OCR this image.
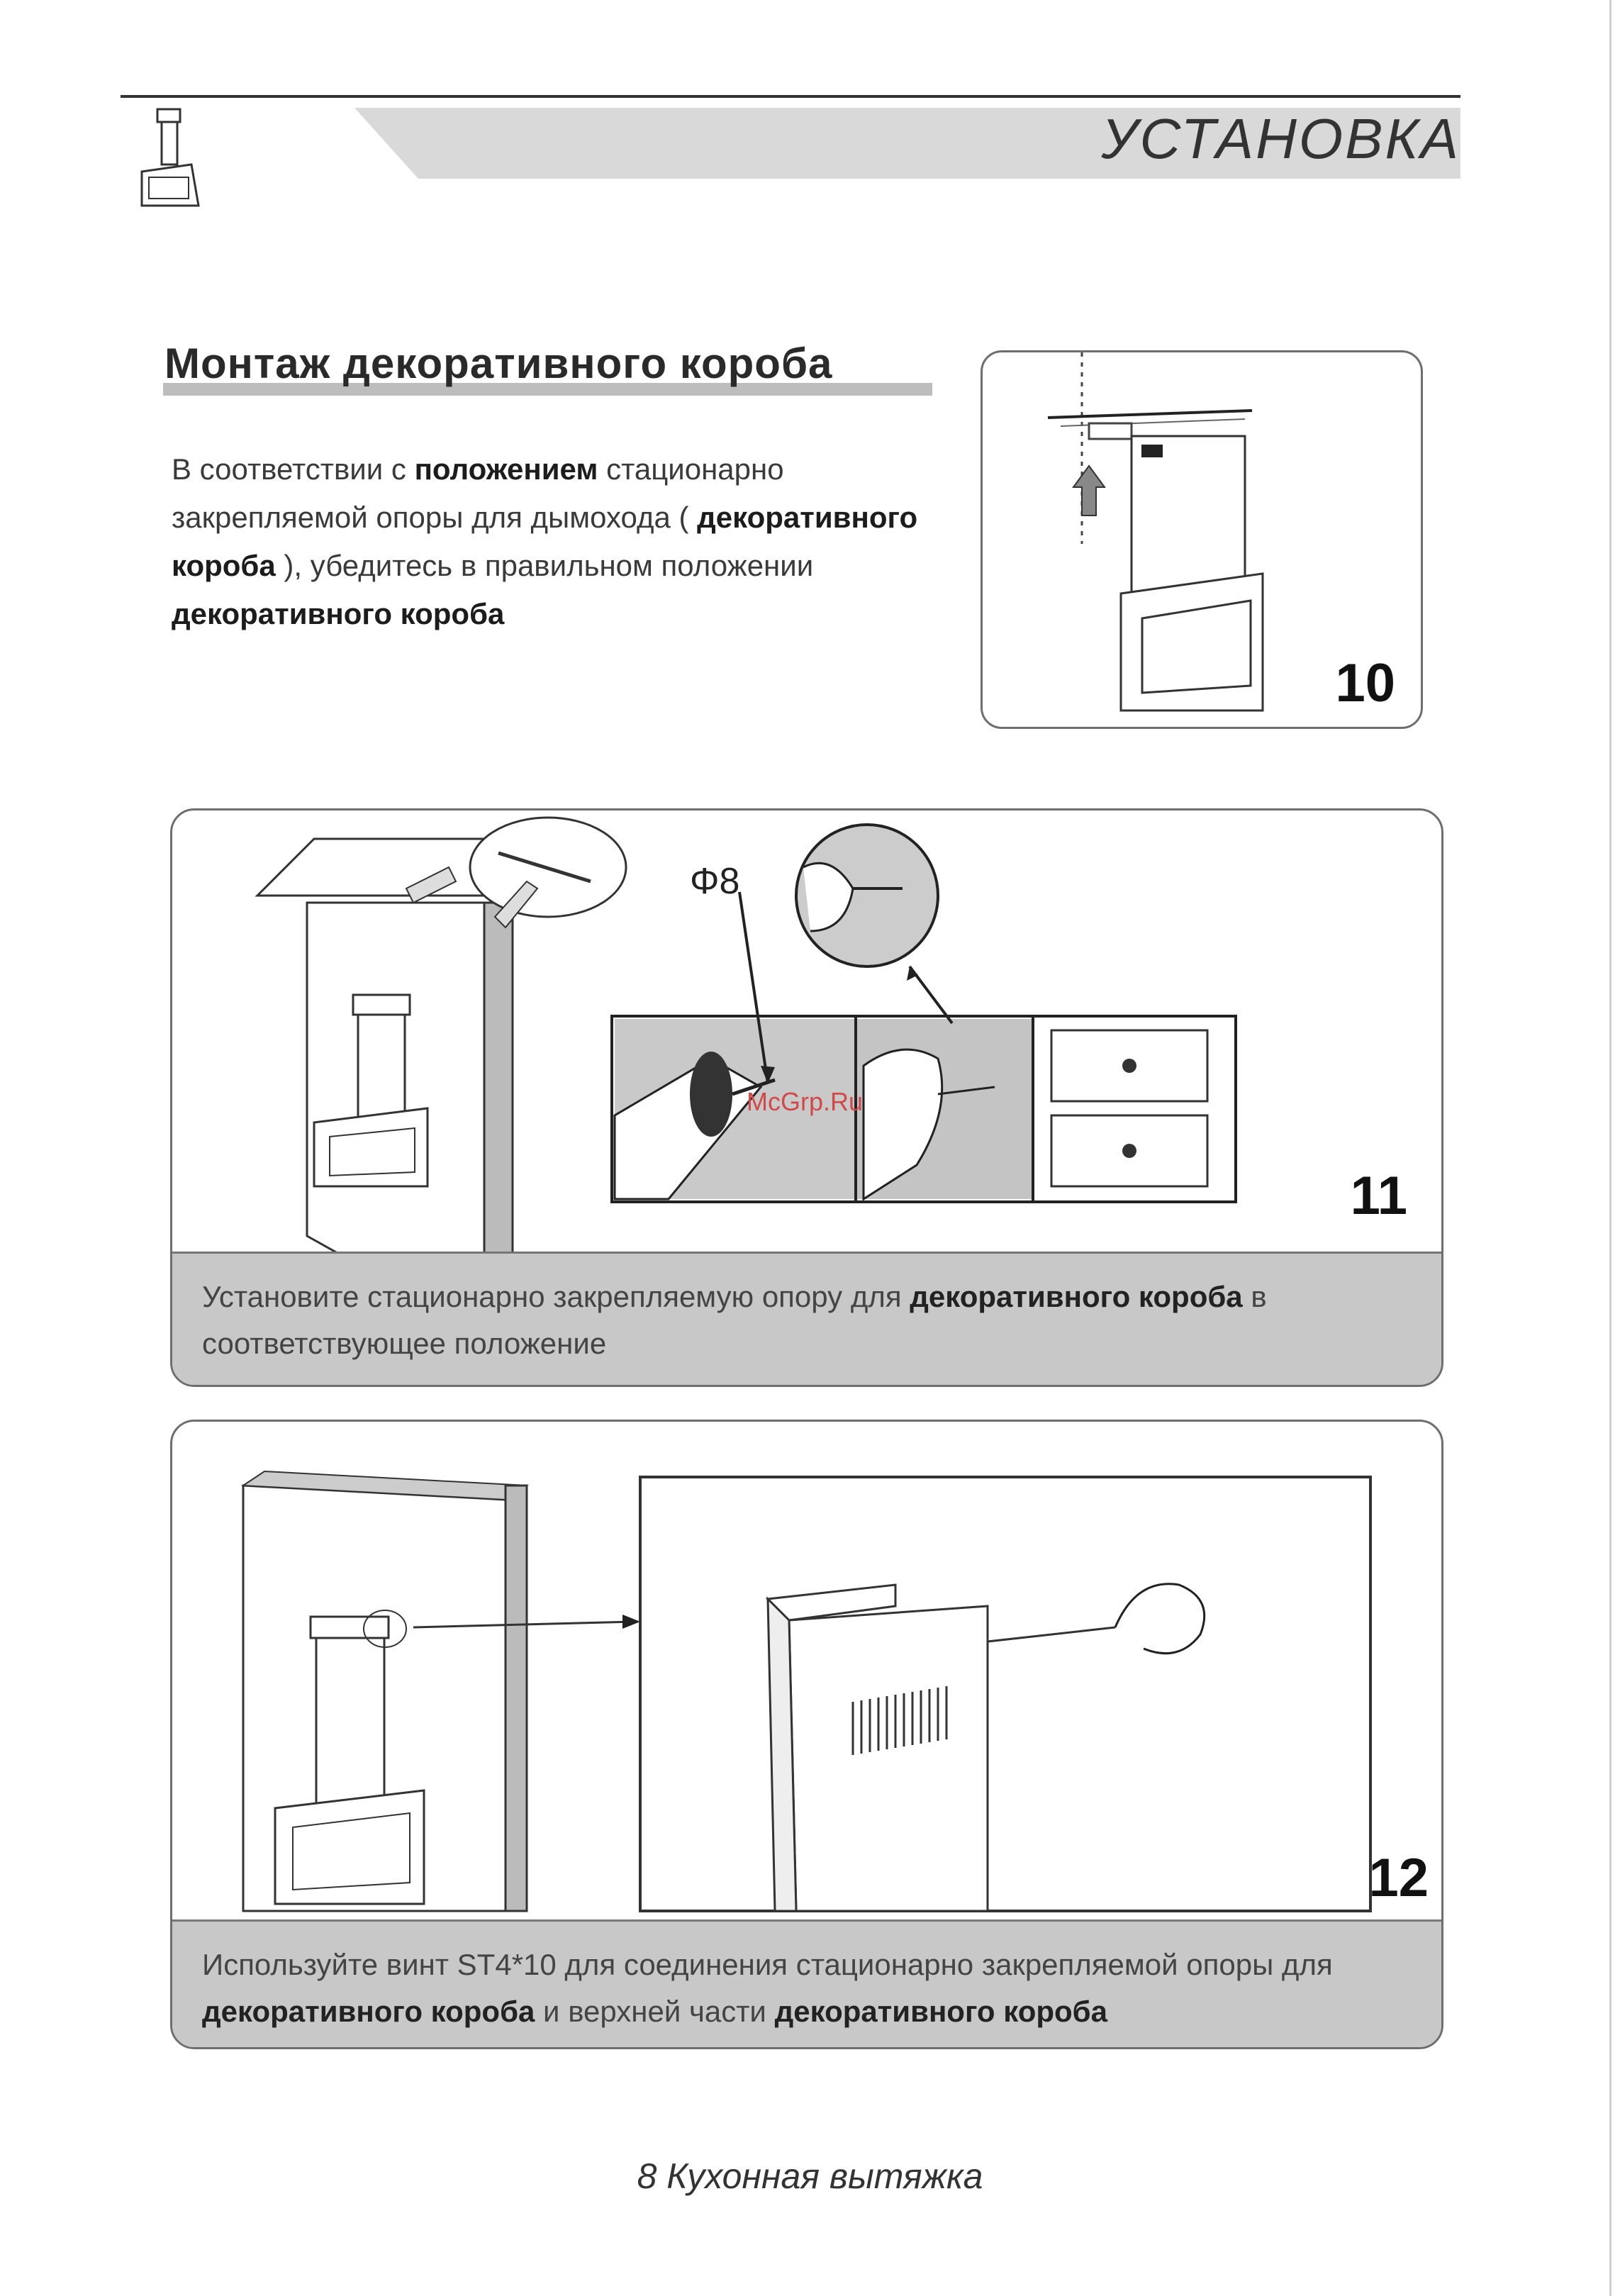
УСТАНОВКА
Монтаж декоративного короба
В соответствии с положением стационарно закрепляемой опоры для дымохода ( декоративного короба ), убедитесь в правильном положении декоративного короба
10
Φ8
McGrp.Ru
11
Установите стационарно закрепляемую опору для декоративного короба в соответствующее положение
12
Используйте винт ST4*10 для соединения стационарно закрепляемой опоры для декоративного короба и верхней части декоративного короба
8 Кухонная вытяжка
